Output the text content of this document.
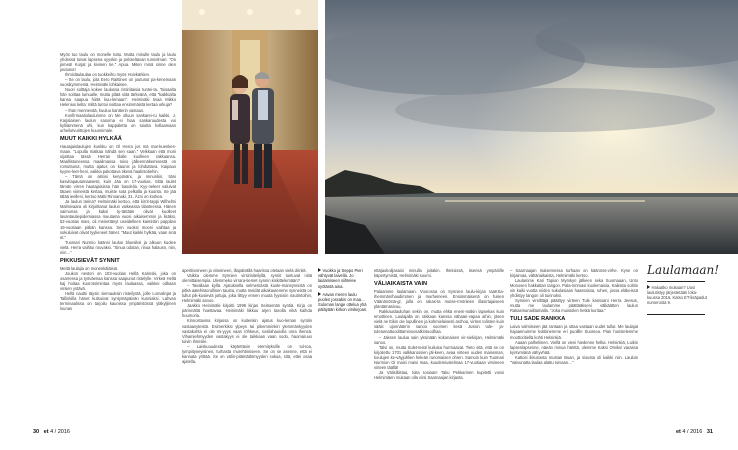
Myös tuo taulu on monelle tuttu. Mutta minulle taulu ja laulu yhdessä toivat lapsena syyskin ja peloteltavan tunnelman: "On pimeä! Kurjat ja kivinen tie." Apua. Miten minä sinne olen joutunut!

Ihmisläulaulaa on tuokkeihu myös Hoivkärkien.

– Se on laulu, jota Eero Raittinen on joutunut pa-kenemaan vuosikymmeniä. Heimiväki lohkaisee.

Nuori solttaja kokee laulussa ristiriitaisia tuntei-ta. Toisaalta hän soittaa lumualle, mutta pitää siitä tärkeänä, että "kaikkialta kansa saapua hiirtä kuu-lemaan". Heimiväki tivaa Mikko Helenius kelta: miltä tuntui soittaa ensimmäistä kertaa urkuja?

– Ihan mennevää, kuuluu kantterin vastaus.

Konfirmaatiolaulumme on Me olluun sankarei-ru kaikki. J. Karjalainen laulun sanoma ei hiaa sankaruudesta voi kylliämmenä ohi, kun kappaletta on toiutta hollaamaan urheilutvurittojen kuunnimale.

MUUT KAIKKI HYLKÄÄ

Hautajaislaulujen kunkku on Ol Herra jos mä mar-kuenkes-maan. "Lopulla matkaa nähdä sen saan." Veikkaan että moni sijoittaa tässä Herran tilalle kuolleen rakkaansa. Maallistuneessa maailmassa toivo jälleennäkemisestä on romuttunut, mutta ajatus on kaunis ja lohduttava. Kaipaus kyyne-leet-heni, vaikka pakottava tikevä haalintotiehin.

– Tämä on aitinsi kenpöväni, ja minunkin, tiäni kasvitapautumaasesti, kuin Jäa on 17-vuotias. Sittä laulet tämän virren hautajaisissa hän basdelia. Kyy-neleet valuivat tätaen viimeistä kertaa, muiste sota pelkalla ja kuunta. Se jää tälää ieelleni, kertoo Matti Rinnanaki, 31. Äzni on korkea.

Ja laulun tarina? Helmimäki kertoo, että kirrit-tappi Wilhelmi Malmivaara oli kirjoittanut laulun vaikeassa tilanteessa. Hänen vaimonsa ja kaksi ty-tärtään olivat kuolleet lavantautiepidemiassa muutama vuosi aikaisemmin ja lisäksi, 52-vuotias mies, oli menettänyt useidelleen kaimistin pappilan 19-vuotiaan pitkän kanssa. Sen vuoksi mooni vaihtaa ja sokuluivat olivat tyylieneet hänet. "Muut kaikki hylkää, vaan sinä et."

Tuomari Nurmio käänsi laulun bluesiksi ja alkuun kuolee vielä. Herra vaihtui rouvaksi. "Sinua odotan, rinua halausn, niin, niin…"

PIKKUSIEVÄT SYNNIT

Meitä laulajia on monenkäläisiä.

Joukon nestori on 103-vuotias Hellä Karinski, joka on osarressa ja työväenaa kanssa saapunut ristelylle. Virkeä Hellä kaj hoitaa kuorotoimintaa myös laulaassa, vaikkei odkaan virsien ystävä.

Hellä nauttii täysin siemauksin risteilystä, jolle Lomalinjat ja Tallinkilla hänet kutsuivat syntymäpäivän kunniaksi. Lahvan terminaalissa on tarjoilu kaunissa ympäristössä yläkyljiinen lounas

Vuokko ja Seppo Pieri vähtyvät laivella. Jo laulamiseen siihtelee syötäntä aina.
Aavan meren laulu puolen jossakin on maa… Suloman lange ottelua yhä päläyään kirkon virskirjoan.

apertiiveineen ja viineineen, illapäivällä haarissa otetaan vielä drinkit.

Vaikka olemme Synnien virsirisiteilyllä, synnit tuntuvat niitä olemittaisempia. Ulemmeko virrara-tiemet synnin kiskittelemään?

– Tavallaan kyllä. Ajatuksella selmemästä kuole-mansynnistä on pitkä aatehistorullinen tausta, mutta meidät aikakautemme synneistä on tullut pik-kusieviä juttuja, joka liittyy ennen muuta fyysisiin nautintoihin, Helmimäki sanoo.

Jaakko Heinimäki kirjoitti 1999 kirjan Seitsemän syntiä. Kirja on pärinnältä haettavaa. Heinimäki liikkuu arjen tasolla eikä kaihda huumoria.

Kinnostavina kirjassa on kuitenkin ajatus kuo-leman syntiin vastaavyteistä. Esimerkiksi ylpeys tai pikemminkin ylemmänkyyden vastakohta ei ole mi-yyys vaan röhkeus, sosilahaoiolla oma ihensä. Vihamiehmyyden vastakyys ei ole taikkaan vaan sodo, haomaruus toivin ihmisile.

– Laiskuuudesta käytettävin etemityksille on tul-toa, tympiityneyisinen, turhasta murehtimiseen. Se on se asenne, että ei kannata yrittää. Se on välin-pitämättömyyden sukua, sitä, ettei osaa ajatella,

ettäjaokoiljasaisi minulla joitakin. Ihmisissä, itsensä ympäriille käpertymistä, Helmimäki suomi.

VÄLIAIKAISTA VAIN

Palaamme laulamaan. Vuorossa on Synnien laulu-kirjan taaKSa-Ihemmän/haudimmen ja murheineen. Ensimmäisenä on fuisen Väänänöstä-gr, jolla on rakas-ta mutse-rmönleen illasirtajaiseen pläntämäsivuu.

Rakkauslauluhan sekin on, mutta ehkä enem-mäkin lapsekas kuin emottinen. Laulajalla on rakkaan kanssa vähaan-vapaa aihin, jäsen vielä ne Eikin ole lopullinen ja kohmielaisesti asrhoa, viriten tolisten kuin sääis ujonnäärrin sanoo soomen kesä Jussin tule- ja-tuletumattuodittaminoosalkintuodhaa.

– Jaksen laulua sain yksinään kokonaisen vir-siekirjan, Helmimäki sanoo.

Talvi on, mutta Sulet-teisti kuiluisa hurrnaavat. Tieto sitä, että se on kirjoitettu 1701 valkkarussien jäl-keen, avaa virteen uuden maiseman, koulujen ke-väyjuhlien heleän runomaisen ohren. Samoin kuin Tuomari Nurmion Oi maisi maisi maa, kuudemiustelmaa 17-vuotiaan virsineen virteen täällä!

Ja Välisiltistaa, toita tosiaan! Taku Pekkarinen kupitetti vossi Helmimäen mukaan olla virsi Saarnaajan kirjasta.

– Saarnaajan maisemessa turhaan on käännös-virhe. Kyse on kirjaimaa, vähänaikaista, Helmimäki kertoo.

Laulamme Kari Tapion Myrskyn jälkeen seka Suomaaan, Unto Monosen hakkattan tangon. Pala-nmmasi kuolemaisia. Kaikista soittin sin kaiki vuotta niiden sukulasiaan haastoissa, ruhen, jossa eläkeissä yhdistyy tangon oli tuinnoksi.

Synnien virsilttäjä pääittyy virteen Tule kanssani Herra Jeesus, mutta me laulamme päättääkseni välkäätten laulun Rakasmunailitamalla. "Joka muistolen hetkä kuritaa."

TULI SADE RANKKA

Laiva valmiiseen jää rantaan ja ottaa vastaan uudet tullut. Me laulajat hajaannumme kotitiinemme eri puolille Suomea. Pian huristelemme moottoritiellä kohti Helsinkiä.

Aaaan palheliinen. Viellä on vieni hiedenne helka. Helsinkiä, Luikin lapsenlapsenne, näeän minua hänttä, olemme Kaksi Omiksi varassa kyntvmiänä vähyvhää.

Kattosi ikkunasta mustan Buan, ja sisusta oli kaikki niin. Lauluin "Vaivunatta laulaa alattu toivaan…"

Laulamaan!
Haluatko mukaan? Uusi laulutistyy järjestetään loka-kuussa 2016. Katso ET-lisäpadut numerosta 9.
30 et 4 / 2016	et 4 / 2016 31
